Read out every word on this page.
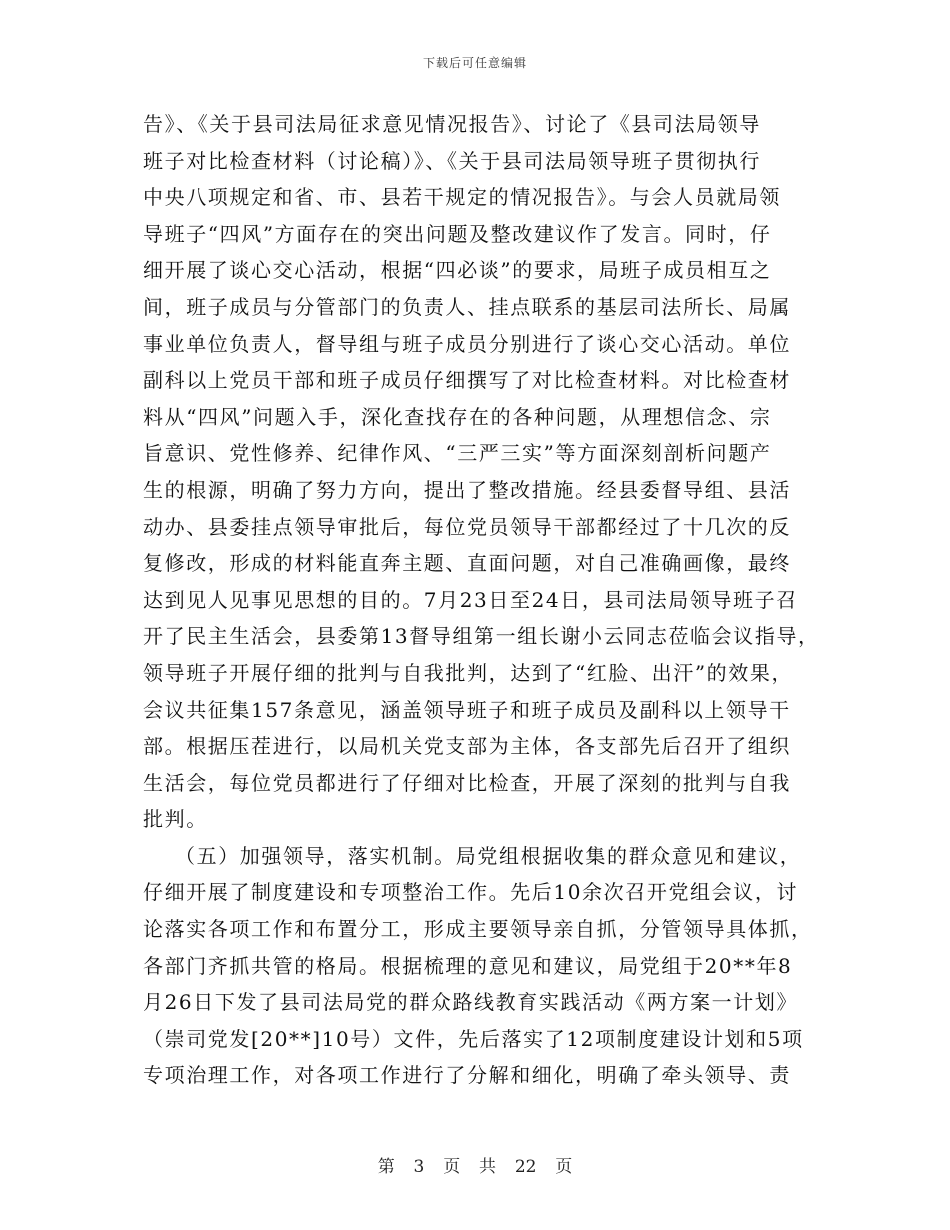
下载后可任意编辑
告》、《关于县司法局征求意见情况报告》、讨论了《县司法局领导
班子对比检查材料（讨论稿）》、《关于县司法局领导班子贯彻执行
中央八项规定和省、市、县若干规定的情况报告》。与会人员就局领
导班子“四风”方面存在的突出问题及整改建议作了发言。同时，仔
细开展了谈心交心活动，根据“四必谈”的要求，局班子成员相互之
间，班子成员与分管部门的负责人、挂点联系的基层司法所长、局属
事业单位负责人，督导组与班子成员分别进行了谈心交心活动。单位
副科以上党员干部和班子成员仔细撰写了对比检查材料。对比检查材
料从“四风”问题入手，深化查找存在的各种问题，从理想信念、宗
旨意识、党性修养、纪律作风、“三严三实”等方面深刻剖析问题产
生的根源，明确了努力方向，提出了整改措施。经县委督导组、县活
动办、县委挂点领导审批后，每位党员领导干部都经过了十几次的反
复修改，形成的材料能直奔主题、直面问题，对自己准确画像，最终
达到见人见事见思想的目的。7月23日至24日，县司法局领导班子召
开了民主生活会，县委第13督导组第一组长谢小云同志莅临会议指导，
领导班子开展仔细的批判与自我批判，达到了“红脸、出汗”的效果，
会议共征集157条意见，涵盖领导班子和班子成员及副科以上领导干
部。根据压茬进行，以局机关党支部为主体，各支部先后召开了组织
生活会，每位党员都进行了仔细对比检查，开展了深刻的批判与自我
批判。
（五）加强领导，落实机制。局党组根据收集的群众意见和建议，
仔细开展了制度建设和专项整治工作。先后10余次召开党组会议，讨
论落实各项工作和布置分工，形成主要领导亲自抓，分管领导具体抓，
各部门齐抓共管的格局。根据梳理的意见和建议，局党组于20**年8
月26日下发了县司法局党的群众路线教育实践活动《两方案一计划》
（崇司党发[20**]10号）文件，先后落实了12项制度建设计划和5项
专项治理工作，对各项工作进行了分解和细化，明确了牵头领导、责
第 3 页 共 22 页
